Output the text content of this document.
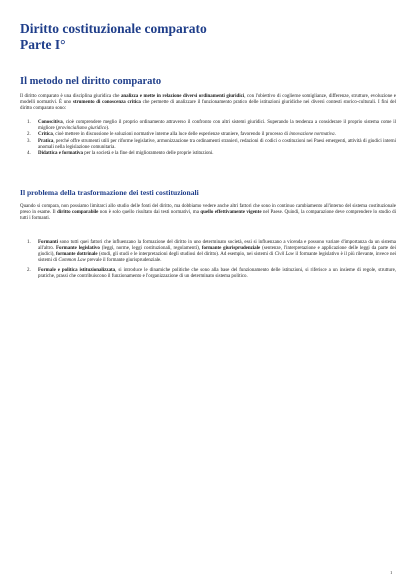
Diritto costituzionale comparato
Parte I°
Il metodo nel diritto comparato

Il diritto comparato è una disciplina giuridica che analizza e mette in relazione diversi ordinamenti giuridici, con l'obiettivo di coglierne somiglianze, differenze, strutture, evoluzione e modelli normativi. È uno strumento di conoscenza critica che permette di analizzare il funzionamento pratico delle istituzioni giuridiche nei diversi contesti storico-culturali. I fini del diritto comparato sono:

1. Conoscitiva, cioè comprendere meglio il proprio ordinamento attraverso il confronto con altri sistemi giuridici. Superando la tendenza a considerare il proprio sistema come il migliore (provincialismo giuridico).
2. Critica, cioè mettere in discussione le soluzioni normative interne alla luce delle esperienze straniere, favorendo il processo di innovazione normativa.
3. Pratica, perché offre strumenti utili per riforme legislative, armonizzazione tra ordinamenti stranieri, redazioni di codici o costituzioni nei Paesi emergenti, attività di giudici interni anomali nella legislazione comunitaria.
4. Didattica e formativa per la società e la fine del miglioramento delle proprie istituzioni.
Il problema della trasformazione dei testi costituzionali

Quando si compara, non possiamo limitarci allo studio delle fonti del diritto, ma dobbiamo vedere anche altri fattori che sono in continuo cambiamento all'interno del sistema costituzionale preso in esame. Il diritto comparabile non è solo quello risultato dai testi normativi, ma quello effettivamente vigente nel Paese. Quindi, la comparazione deve comprendere lo studio di tutti i formanti.

1. Formanti sono tutti quei fattori che influenzano la formazione del diritto in uno determinato società, essi si influenzano a vicenda e possono variare d'importanza da un sistema all'altro. Formante legislativo (leggi, norme, leggi costituzionali, regolamenti), formante giurisprudenziale (sentenze, l'interpretazione e applicazione delle leggi da parte dei giudici), formante dottrinale (studi, gli studi e le interpretazioni degli studiosi del diritto). Ad esempio, nei sistemi di Civil Law il formante legislativo è il più rilevante, invece nei sistemi di Common Law prevale il formante giurisprudenziale.
2. Formale e politica istituzionalizzata, si introduce le dinamiche politiche che sono alla base del funzionamento delle istituzioni, si riferisce a un insieme di regole, strutture, pratiche, prassi che contribuiscono il funzionamento e l'organizzazione di un determinato sistema politico.
1
